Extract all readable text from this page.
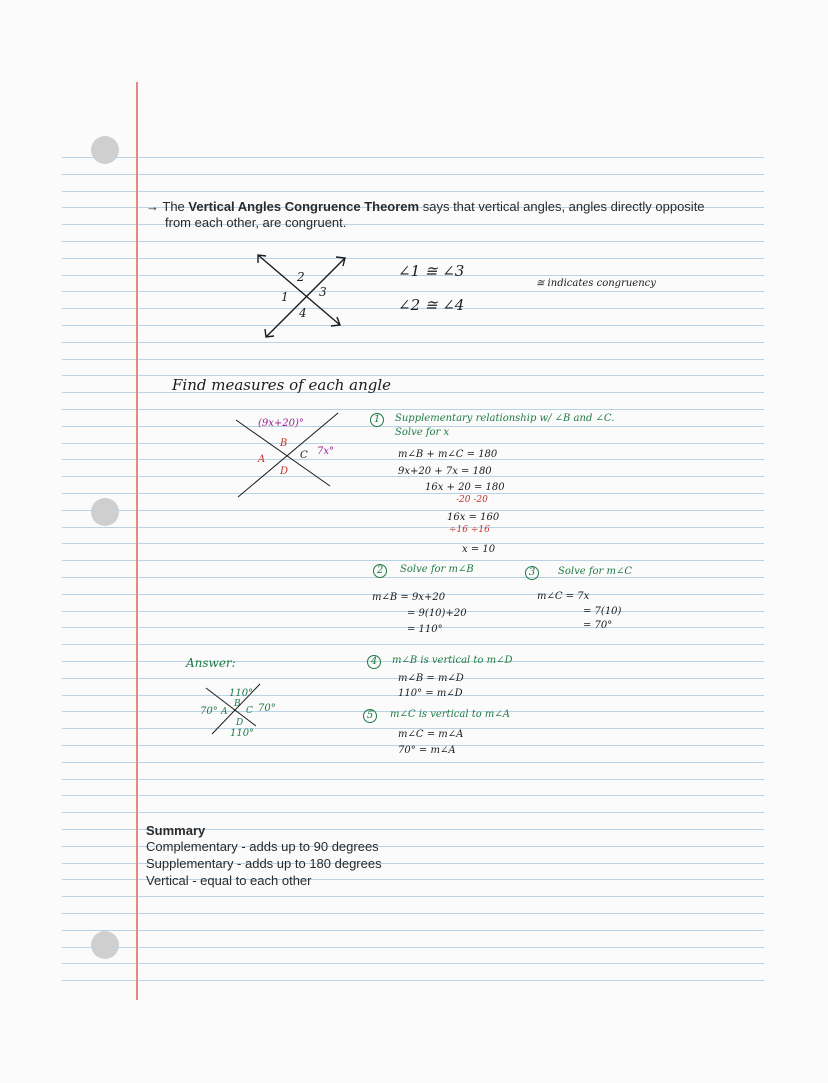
→ The Vertical Angles Congruence Theorem says that vertical angles, angles directly opposite
from each other, are congruent.
2
1	3
4
∠1 ≅ ∠3
∠2 ≅ ∠4
≅ indicates congruency
Find measures of each angle
(9x+20)°
7x°
B
A	C
D
1	Supplementary relationship w/ ∠B and ∠C.
Solve for x
m∠B + m∠C = 180
9x+20 + 7x = 180
16x + 20 = 180
-20 -20
16x = 160
÷16 ÷16
x = 10
2	Solve for m∠B
m∠B = 9x+20
= 9(10)+20
= 110°
3	Solve for m∠C
m∠C = 7x
= 7(10)
= 70°
4	m∠B is vertical to m∠D
m∠B = m∠D
110° = m∠D
5	m∠C is vertical to m∠A
m∠C = m∠A
70° = m∠A
Answer:
110°
B
70° A C 70°
D
110°
Summary
Complementary - adds up to 90 degrees
Supplementary - adds up to 180 degrees
Vertical - equal to each other
